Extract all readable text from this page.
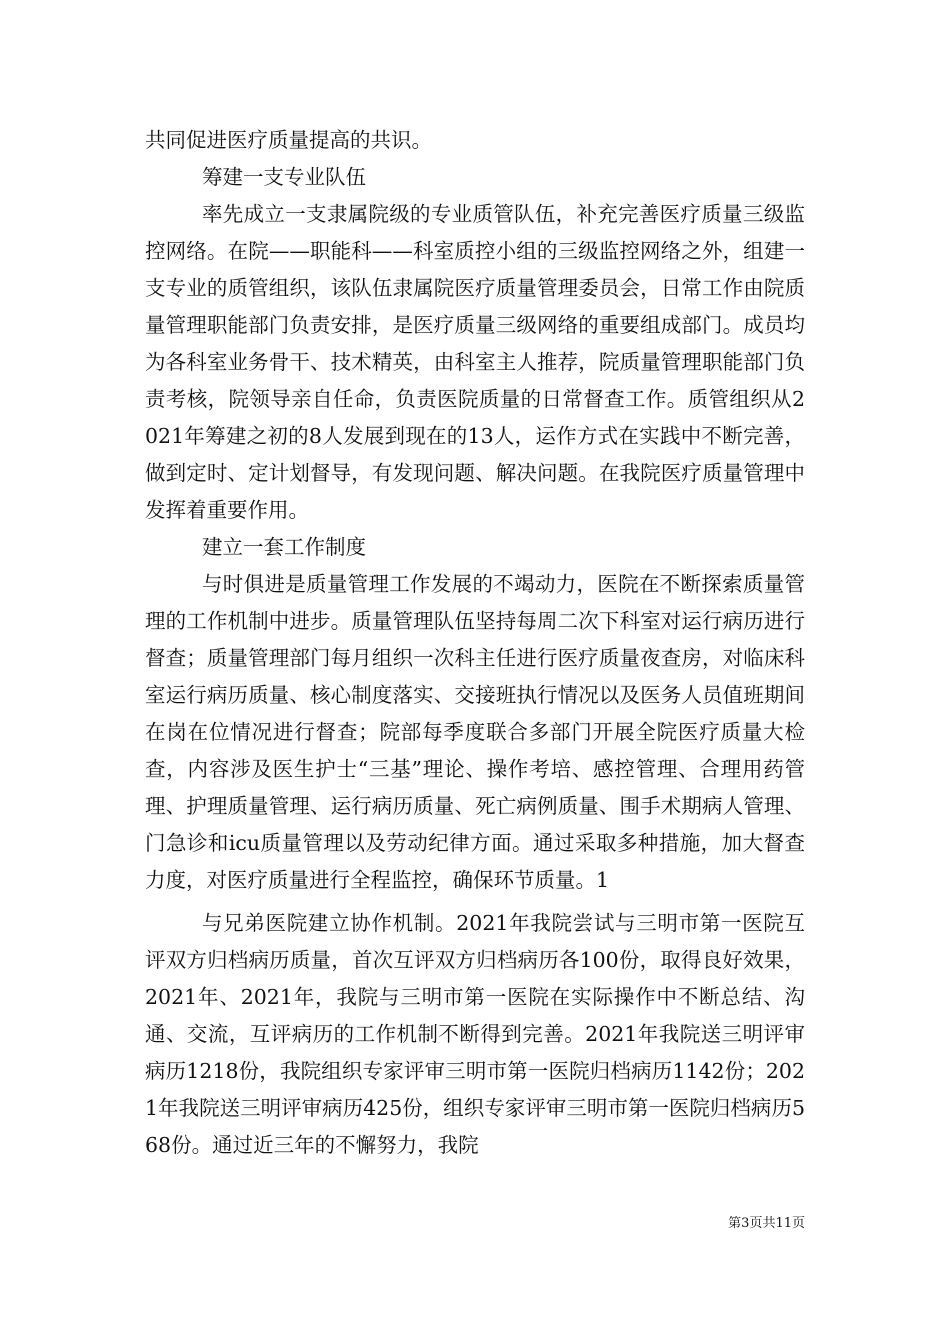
共同促进医疗质量提高的共识。

筹建一支专业队伍

率先成立一支隶属院级的专业质管队伍，补充完善医疗质量三级监控网络。在院——职能科——科室质控小组的三级监控网络之外，组建一支专业的质管组织，该队伍隶属院医疗质量管理委员会，日常工作由院质量管理职能部门负责安排，是医疗质量三级网络的重要组成部门。成员均为各科室业务骨干、技术精英，由科室主人推荐，院质量管理职能部门负责考核，院领导亲自任命，负责医院质量的日常督查工作。质管组织从2021年筹建之初的8人发展到现在的13人，运作方式在实践中不断完善，做到定时、定计划督导，有发现问题、解决问题。在我院医疗质量管理中发挥着重要作用。

建立一套工作制度

与时俱进是质量管理工作发展的不竭动力，医院在不断探索质量管理的工作机制中进步。质量管理队伍坚持每周二次下科室对运行病历进行督查；质量管理部门每月组织一次科主任进行医疗质量夜查房，对临床科室运行病历质量、核心制度落实、交接班执行情况以及医务人员值班期间在岗在位情况进行督查；院部每季度联合多部门开展全院医疗质量大检查，内容涉及医生护士“三基”理论、操作考培、感控管理、合理用药管理、护理质量管理、运行病历质量、死亡病例质量、围手术期病人管理、门急诊和icu质量管理以及劳动纪律方面。通过采取多种措施，加大督查力度，对医疗质量进行全程监控，确保环节质量。1

与兄弟医院建立协作机制。2021年我院尝试与三明市第一医院互评双方归档病历质量，首次互评双方归档病历各100份，取得良好效果，2021年、2021年，我院与三明市第一医院在实际操作中不断总结、沟通、交流，互评病历的工作机制不断得到完善。2021年我院送三明评审病历1218份，我院组织专家评审三明市第一医院归档病历1142份；2021年我院送三明评审病历425份，组织专家评审三明市第一医院归档病历568份。通过近三年的不懈努力，我院

第3页共11页
